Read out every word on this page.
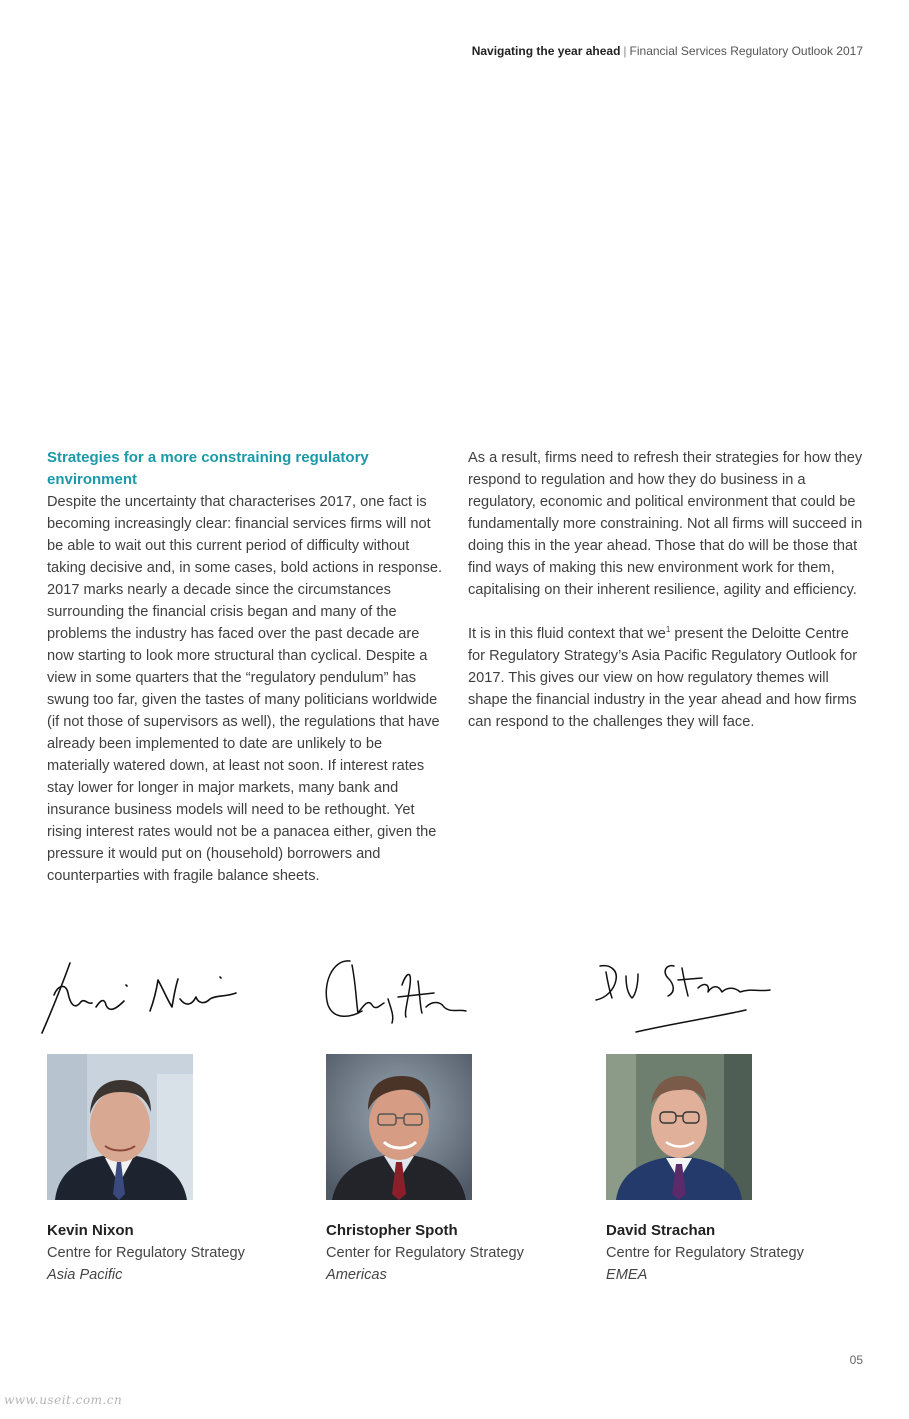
Navigating the year ahead | Financial Services Regulatory Outlook 2017
Strategies for a more constraining regulatory environment

Despite the uncertainty that characterises 2017, one fact is becoming increasingly clear: financial services firms will not be able to wait out this current period of difficulty without taking decisive and, in some cases, bold actions in response. 2017 marks nearly a decade since the circumstances surrounding the financial crisis began and many of the problems the industry has faced over the past decade are now starting to look more structural than cyclical. Despite a view in some quarters that the “regulatory pendulum” has swung too far, given the tastes of many politicians worldwide (if not those of supervisors as well), the regulations that have already been implemented to date are unlikely to be materially watered down, at least not soon. If interest rates stay lower for longer in major markets, many bank and insurance business models will need to be rethought. Yet rising interest rates would not be a panacea either, given the pressure it would put on (household) borrowers and counterparties with fragile balance sheets.

As a result, firms need to refresh their strategies for how they respond to regulation and how they do business in a regulatory, economic and political environment that could be fundamentally more constraining. Not all firms will succeed in doing this in the year ahead. Those that do will be those that find ways of making this new environment work for them, capitalising on their inherent resilience, agility and efficiency.

It is in this fluid context that $we^1$ present the Deloitte Centre for Regulatory Strategy’s Asia Pacific Regulatory Outlook for 2017. This gives our view on how regulatory themes will shape the financial industry in the year ahead and how firms can respond to the challenges they will face.

Kevin Nixon
Centre for Regulatory Strategy
Asia Pacific
Christopher Spoth
Center for Regulatory Strategy
Americas
David Strachan
Centre for Regulatory Strategy
EMEA
05
www.useit.com.cn
